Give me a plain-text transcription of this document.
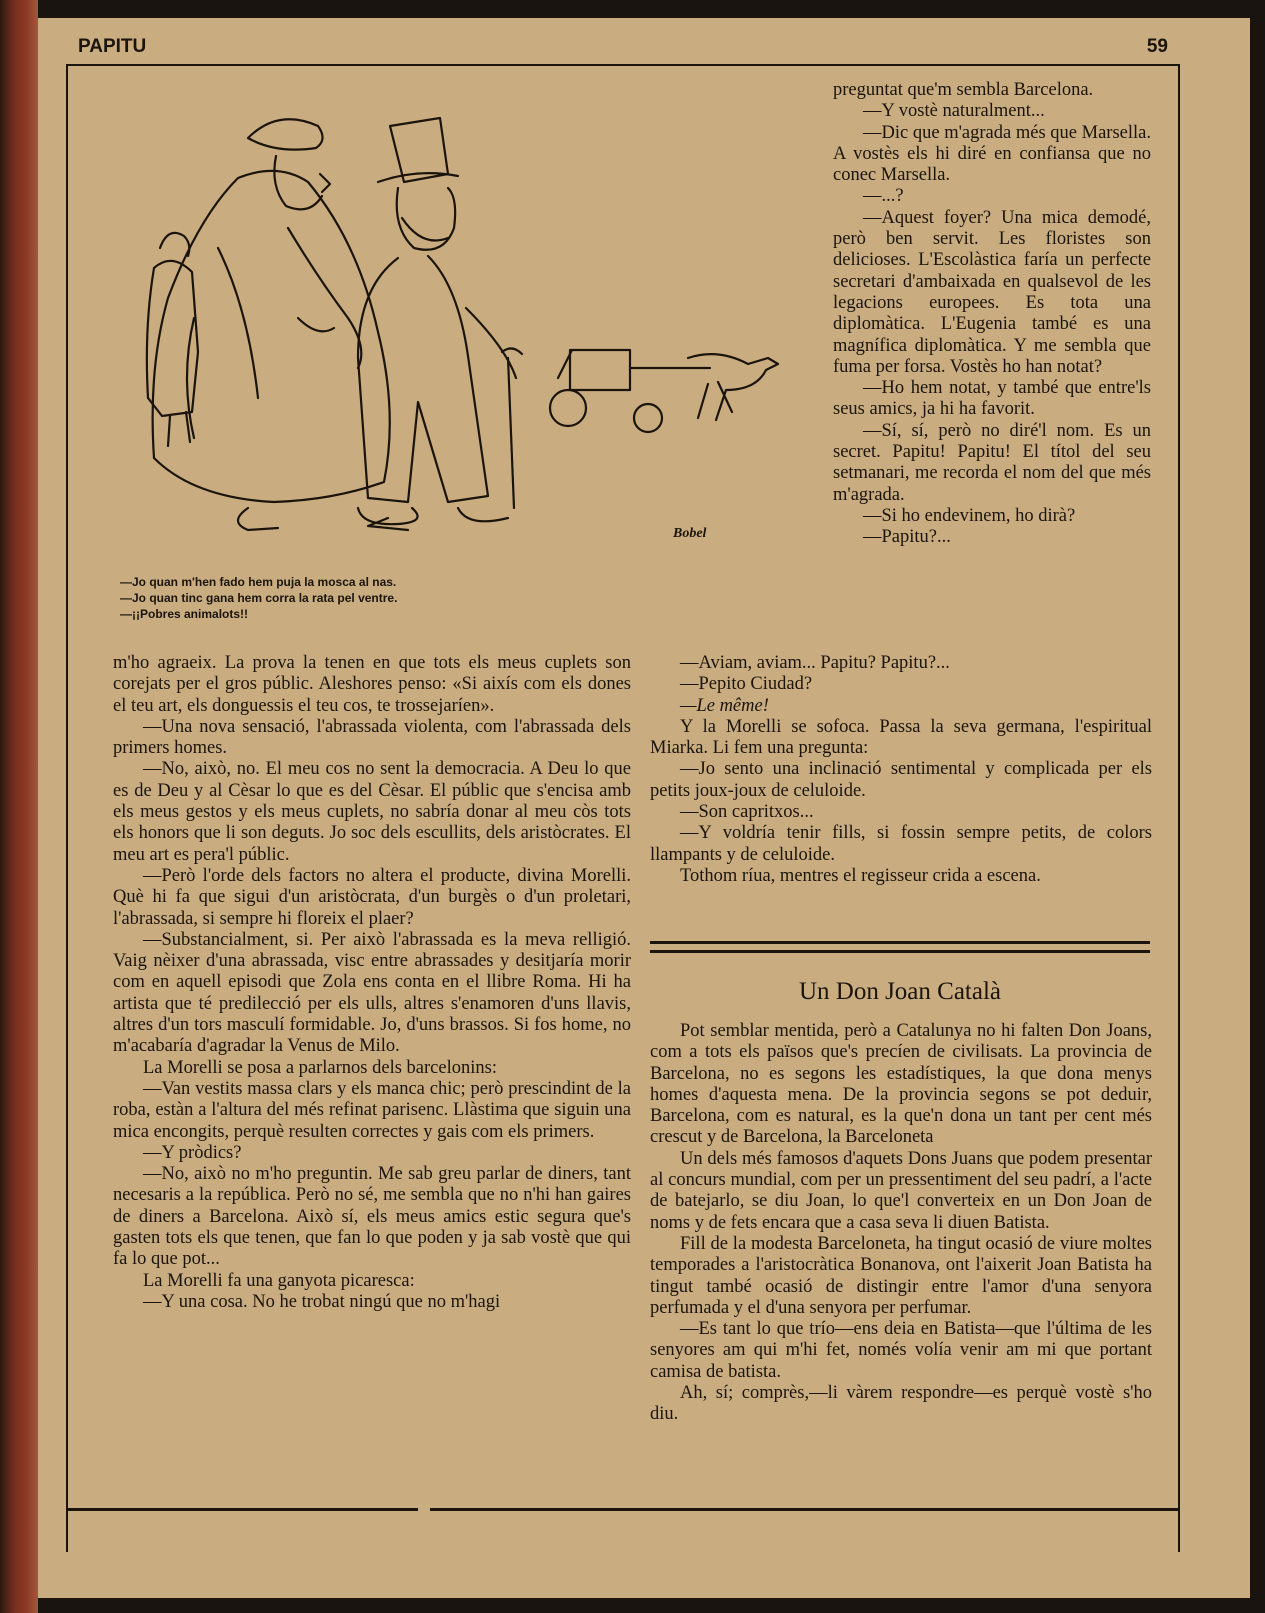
PAPITU	59
Bobel
—Jo quan m'hen fado hem puja la mosca al nas.
—Jo quan tinc gana hem corra la rata pel ventre.
—¡¡Pobres animalots!!

preguntat que'm sembla Barcelona.

—Y vostè naturalment...

—Dic que m'agrada més que Marsella. A vostès els hi diré en confiansa que no conec Marsella.

—...?

—Aquest foyer? Una mica demodé, però ben servit. Les floristes son delicioses. L'Escolàstica faría un perfecte secretari d'ambaixada en qualsevol de les legacions europees. Es tota una diplomàtica. L'Eugenia també es una magnífica diplomàtica. Y me sembla que fuma per forsa. Vostès ho han notat?

—Ho hem notat, y també que entre'ls seus amics, ja hi ha favorit.

—Sí, sí, però no diré'l nom. Es un secret. Papitu! Papitu! El títol del seu setmanari, me recorda el nom del que més m'agrada.

—Si ho endevinem, ho dirà?

—Papitu?...

m'ho agraeix. La prova la tenen en que tots els meus cuplets son corejats per el gros públic. Aleshores penso: «Si aixís com els dones el teu art, els donguessis el teu cos, te trossejaríen».

—Una nova sensació, l'abrassada violenta, com l'abrassada dels primers homes.

—No, això, no. El meu cos no sent la democracia. A Deu lo que es de Deu y al Cèsar lo que es del Cèsar. El públic que s'encisa amb els meus gestos y els meus cuplets, no sabría donar al meu còs tots els honors que li son deguts. Jo soc dels escullits, dels aristòcrates. El meu art es pera'l públic.

—Però l'orde dels factors no altera el producte, divina Morelli. Què hi fa que sigui d'un aristòcrata, d'un burgès o d'un proletari, l'abrassada, si sempre hi floreix el plaer?

—Substancialment, si. Per això l'abrassada es la meva relligió. Vaig nèixer d'una abrassada, visc entre abrassades y desitjaría morir com en aquell episodi que Zola ens conta en el llibre Roma. Hi ha artista que té predilecció per els ulls, altres s'enamoren d'uns llavis, altres d'un tors masculí formidable. Jo, d'uns brassos. Si fos home, no m'acabaría d'agradar la Venus de Milo.

La Morelli se posa a parlarnos dels barcelonins:

—Van vestits massa clars y els manca chic; però prescindint de la roba, estàn a l'altura del més refinat parisenc. Llàstima que siguin una mica encongits, perquè resulten correctes y gais com els primers.

—Y pròdics?

—No, això no m'ho preguntin. Me sab greu parlar de diners, tant necesaris a la república. Però no sé, me sembla que no n'hi han gaires de diners a Barcelona. Això sí, els meus amics estic segura que's gasten tots els que tenen, que fan lo que poden y ja sab vostè que qui fa lo que pot...

La Morelli fa una ganyota picaresca:

—Y una cosa. No he trobat ningú que no m'hagi

—Aviam, aviam... Papitu? Papitu?...

—Pepito Ciudad?

—Le même!

Y la Morelli se sofoca. Passa la seva germana, l'espiritual Miarka. Li fem una pregunta:

—Jo sento una inclinació sentimental y complicada per els petits joux-joux de celuloide.

—Son capritxos...

—Y voldría tenir fills, si fossin sempre petits, de colors llampants y de celuloide.

Tothom ríua, mentres el regisseur crida a escena.

Un Don Joan Català

Pot semblar mentida, però a Catalunya no hi falten Don Joans, com a tots els països que's precíen de civilisats. La provincia de Barcelona, no es segons les estadístiques, la que dona menys homes d'aquesta mena. De la provincia segons se pot deduir, Barcelona, com es natural, es la que'n dona un tant per cent més crescut y de Barcelona, la Barceloneta

Un dels més famosos d'aquets Dons Juans que podem presentar al concurs mundial, com per un pressentiment del seu padrí, a l'acte de batejarlo, se diu Joan, lo que'l converteix en un Don Joan de noms y de fets encara que a casa seva li diuen Batista.

Fill de la modesta Barceloneta, ha tingut ocasió de viure moltes temporades a l'aristocràtica Bonanova, ont l'aixerit Joan Batista ha tingut també ocasió de distingir entre l'amor d'una senyora perfumada y el d'una senyora per perfumar.

—Es tant lo que trío—ens deia en Batista—que l'última de les senyores am qui m'hi fet, només volía venir am mi que portant camisa de batista.

Ah, sí; comprès,—li vàrem respondre—es perquè vostè s'ho diu.
